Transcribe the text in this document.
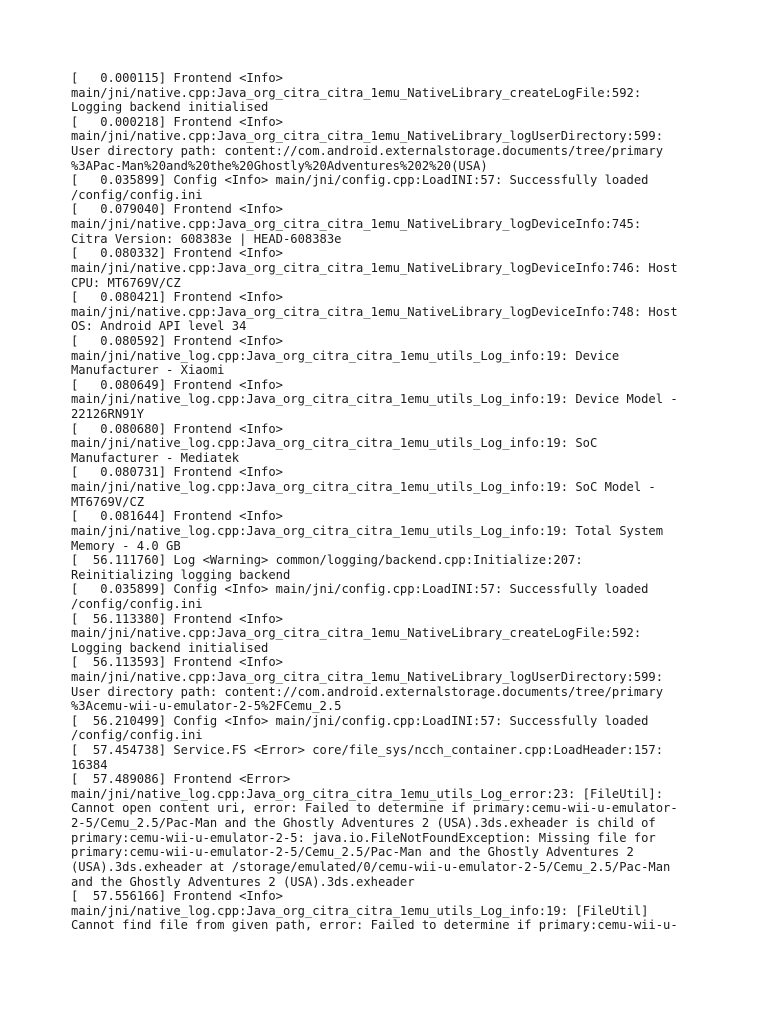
[   0.000115] Frontend <Info>
main/jni/native.cpp:Java_org_citra_citra_1emu_NativeLibrary_createLogFile:592:
Logging backend initialised
[   0.000218] Frontend <Info>
main/jni/native.cpp:Java_org_citra_citra_1emu_NativeLibrary_logUserDirectory:599:
User directory path: content://com.android.externalstorage.documents/tree/primary
%3APac-Man%20and%20the%20Ghostly%20Adventures%202%20(USA)
[   0.035899] Config <Info> main/jni/config.cpp:LoadINI:57: Successfully loaded
/config/config.ini
[   0.079040] Frontend <Info>
main/jni/native.cpp:Java_org_citra_citra_1emu_NativeLibrary_logDeviceInfo:745:
Citra Version: 608383e | HEAD-608383e
[   0.080332] Frontend <Info>
main/jni/native.cpp:Java_org_citra_citra_1emu_NativeLibrary_logDeviceInfo:746: Host
CPU: MT6769V/CZ
[   0.080421] Frontend <Info>
main/jni/native.cpp:Java_org_citra_citra_1emu_NativeLibrary_logDeviceInfo:748: Host
OS: Android API level 34
[   0.080592] Frontend <Info>
main/jni/native_log.cpp:Java_org_citra_citra_1emu_utils_Log_info:19: Device
Manufacturer - Xiaomi
[   0.080649] Frontend <Info>
main/jni/native_log.cpp:Java_org_citra_citra_1emu_utils_Log_info:19: Device Model -
22126RN91Y
[   0.080680] Frontend <Info>
main/jni/native_log.cpp:Java_org_citra_citra_1emu_utils_Log_info:19: SoC
Manufacturer - Mediatek
[   0.080731] Frontend <Info>
main/jni/native_log.cpp:Java_org_citra_citra_1emu_utils_Log_info:19: SoC Model -
MT6769V/CZ
[   0.081644] Frontend <Info>
main/jni/native_log.cpp:Java_org_citra_citra_1emu_utils_Log_info:19: Total System
Memory - 4.0 GB
[  56.111760] Log <Warning> common/logging/backend.cpp:Initialize:207:
Reinitializing logging backend
[   0.035899] Config <Info> main/jni/config.cpp:LoadINI:57: Successfully loaded
/config/config.ini
[  56.113380] Frontend <Info>
main/jni/native.cpp:Java_org_citra_citra_1emu_NativeLibrary_createLogFile:592:
Logging backend initialised
[  56.113593] Frontend <Info>
main/jni/native.cpp:Java_org_citra_citra_1emu_NativeLibrary_logUserDirectory:599:
User directory path: content://com.android.externalstorage.documents/tree/primary
%3Acemu-wii-u-emulator-2-5%2FCemu_2.5
[  56.210499] Config <Info> main/jni/config.cpp:LoadINI:57: Successfully loaded
/config/config.ini
[  57.454738] Service.FS <Error> core/file_sys/ncch_container.cpp:LoadHeader:157:
16384
[  57.489086] Frontend <Error>
main/jni/native_log.cpp:Java_org_citra_citra_1emu_utils_Log_error:23: [FileUtil]:
Cannot open content uri, error: Failed to determine if primary:cemu-wii-u-emulator-
2-5/Cemu_2.5/Pac-Man and the Ghostly Adventures 2 (USA).3ds.exheader is child of
primary:cemu-wii-u-emulator-2-5: java.io.FileNotFoundException: Missing file for
primary:cemu-wii-u-emulator-2-5/Cemu_2.5/Pac-Man and the Ghostly Adventures 2
(USA).3ds.exheader at /storage/emulated/0/cemu-wii-u-emulator-2-5/Cemu_2.5/Pac-Man
and the Ghostly Adventures 2 (USA).3ds.exheader
[  57.556166] Frontend <Info>
main/jni/native_log.cpp:Java_org_citra_citra_1emu_utils_Log_info:19: [FileUtil]
Cannot find file from given path, error: Failed to determine if primary:cemu-wii-u-
